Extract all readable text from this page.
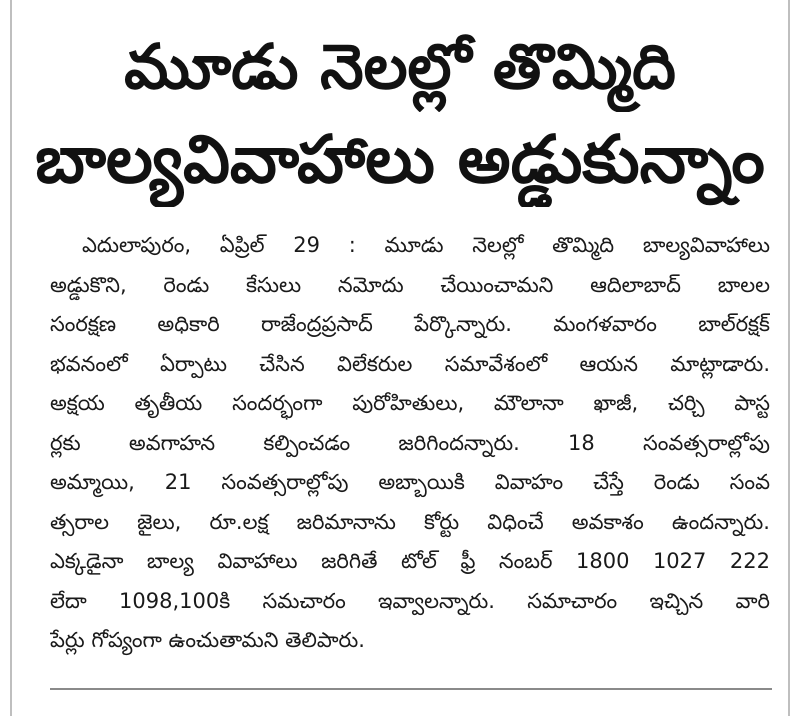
మూడు నెలల్లో తొమ్మిది
బాల్యవివాహాలు అడ్డుకున్నాం
ఎదులాపురం, ఏప్రిల్ 29 : మూడు నెలల్లో తొమ్మిది బాల్యవివాహాలు
అడ్డుకొని, రెండు కేసులు నమోదు చేయించామని ఆదిలాబాద్ బాలల
సంరక్షణ అధికారి రాజేంద్రప్రసాద్ పేర్కొన్నారు. మంగళవారం బాల్‌రక్షక్
భవనంలో ఏర్పాటు చేసిన విలేకరుల సమావేశంలో ఆయన మాట్లాడారు.
అక్షయ తృతీయ సందర్భంగా పురోహితులు, మౌలానా ఖాజీ, చర్చి పాస్ట
ర్లకు అవగాహన కల్పించడం జరిగిందన్నారు. 18 సంవత్సరాల్లోపు
అమ్మాయి, 21 సంవత్సరాల్లోపు అబ్బాయికి వివాహం చేస్తే రెండు సంవ
త్సరాల జైలు, రూ.లక్ష జరిమానాను కోర్టు విధించే అవకాశం ఉందన్నారు.
ఎక్కడైనా బాల్య వివాహాలు జరిగితే టోల్ ఫ్రీ నంబర్ 1800 1027 222
లేదా 1098,100కి సమచారం ఇవ్వాలన్నారు. సమాచారం ఇచ్చిన వారి
పేర్లు గోప్యంగా ఉంచుతామని తెలిపారు.
